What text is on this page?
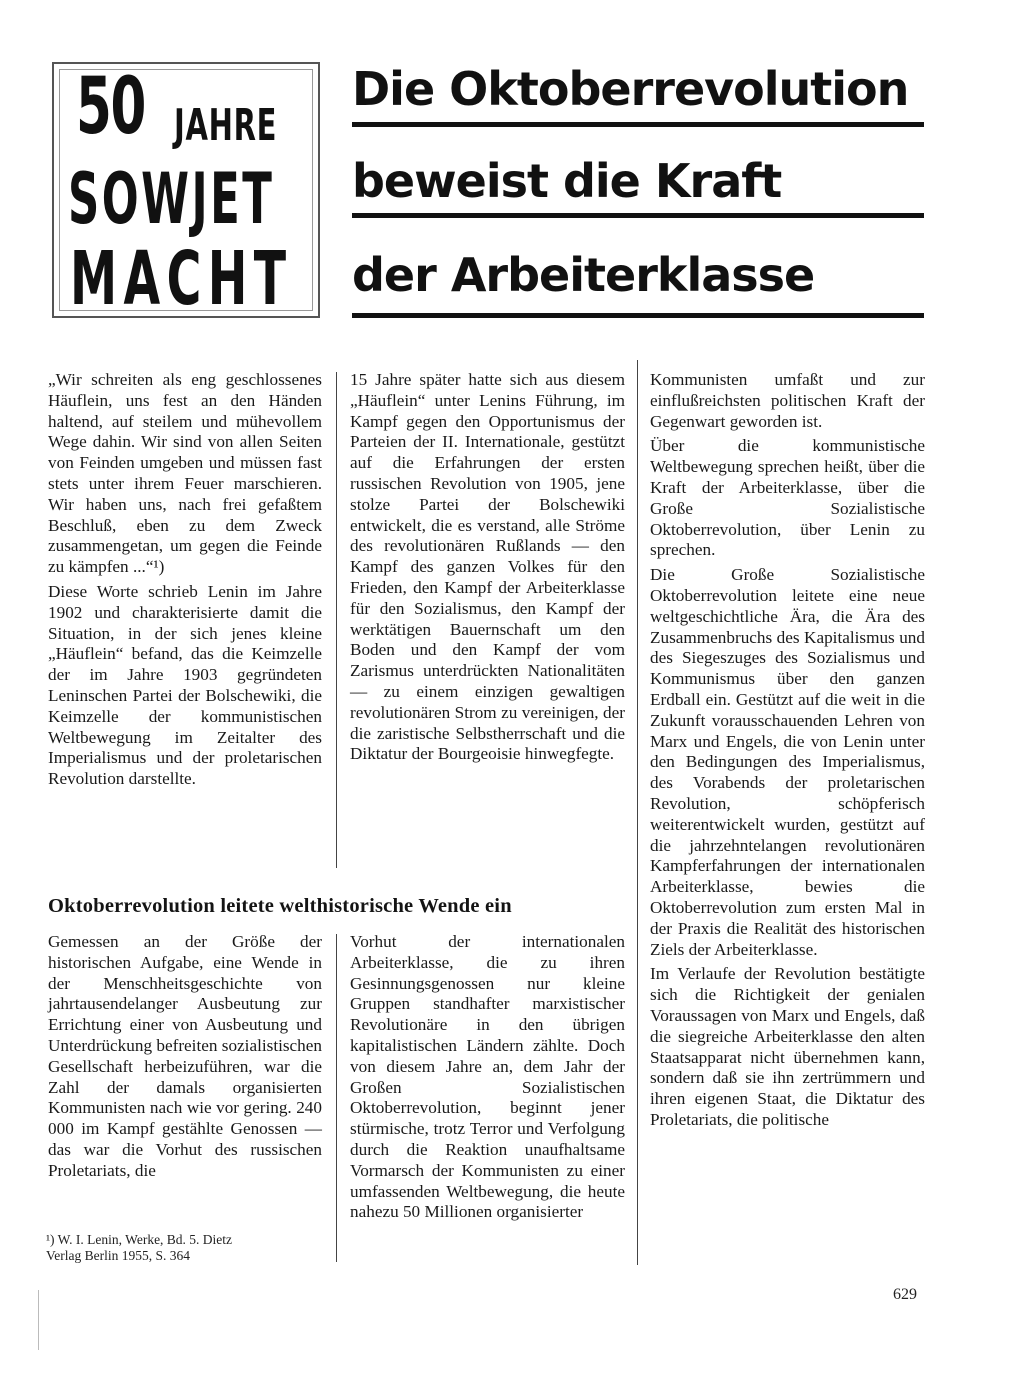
50 JAHRE
SOWJET
MACHT
Die Oktoberrevolution
beweist die Kraft
der Arbeiterklasse

„Wir schreiten als eng geschlossenes Häuflein, uns fest an den Händen haltend, auf steilem und mühevollem Wege dahin. Wir sind von allen Seiten von Feinden umgeben und müssen fast stets unter ihrem Feuer marschieren. Wir haben uns, nach frei gefaßtem Beschluß, eben zu dem Zweck zusammengetan, um gegen die Feinde zu kämpfen ...“¹)

Diese Worte schrieb Lenin im Jahre 1902 und charakterisierte damit die Situation, in der sich jenes kleine „Häuflein“ befand, das die Keimzelle der im Jahre 1903 gegründeten Leninschen Partei der Bolschewiki, die Keimzelle der kommunistischen Weltbewegung im Zeitalter des Imperialismus und der proletarischen Revolution darstellte.

15 Jahre später hatte sich aus diesem „Häuflein“ unter Lenins Führung, im Kampf gegen den Opportunismus der Parteien der II. Internationale, gestützt auf die Erfahrungen der ersten russischen Revolution von 1905, jene stolze Partei der Bolschewiki entwickelt, die es verstand, alle Ströme des revolutionären Rußlands — den Kampf des ganzen Volkes für den Frieden, den Kampf der Arbeiterklasse für den Sozialismus, den Kampf der werktätigen Bauernschaft um den Boden und den Kampf der vom Zarismus unterdrückten Nationalitäten — zu einem einzigen gewaltigen revolutionären Strom zu vereinigen, der die zaristische Selbstherrschaft und die Diktatur der Bourgeoisie hinwegfegte.

Kommunisten umfaßt und zur einflußreichsten politischen Kraft der Gegenwart geworden ist.

Über die kommunistische Weltbewegung sprechen heißt, über die Kraft der Arbeiterklasse, über die Große Sozialistische Oktoberrevolution, über Lenin zu sprechen.

Die Große Sozialistische Oktoberrevolution leitete eine neue weltgeschichtliche Ära, die Ära des Zusammenbruchs des Kapitalismus und des Siegeszuges des Sozialismus und Kommunismus über den ganzen Erdball ein. Gestützt auf die weit in die Zukunft vorausschauenden Lehren von Marx und Engels, die von Lenin unter den Bedingungen des Imperialismus, des Vorabends der proletarischen Revolution, schöpferisch weiterentwickelt wurden, gestützt auf die jahrzehntelangen revolutionären Kampferfahrungen der internationalen Arbeiterklasse, bewies die Oktoberrevolution zum ersten Mal in der Praxis die Realität des historischen Ziels der Arbeiterklasse.

Im Verlaufe der Revolution bestätigte sich die Richtigkeit der genialen Voraussagen von Marx und Engels, daß die siegreiche Arbeiterklasse den alten Staatsapparat nicht übernehmen kann, sondern daß sie ihn zertrümmern und ihren eigenen Staat, die Diktatur des Proletariats, die politische

Oktoberrevolution leitete welthistorische Wende ein

Gemessen an der Größe der historischen Aufgabe, eine Wende in der Menschheitsgeschichte von jahrtausendelanger Ausbeutung zur Errichtung einer von Ausbeutung und Unterdrückung befreiten sozialistischen Gesellschaft herbeizuführen, war die Zahl der damals organisierten Kommunisten nach wie vor gering. 240 000 im Kampf gestählte Genossen — das war die Vorhut des russischen Proletariats, die

Vorhut der internationalen Arbeiterklasse, die zu ihren Gesinnungsgenossen nur kleine Gruppen standhafter marxistischer Revolutionäre in den übrigen kapitalistischen Ländern zählte. Doch von diesem Jahre an, dem Jahr der Großen Sozialistischen Oktoberrevolution, beginnt jener stürmische, trotz Terror und Verfolgung durch die Reaktion unaufhaltsame Vormarsch der Kommunisten zu einer umfassenden Weltbewegung, die heute nahezu 50 Millionen organisierter

¹) W. I. Lenin, Werke, Bd. 5. Dietz
Verlag Berlin 1955, S. 364
629
